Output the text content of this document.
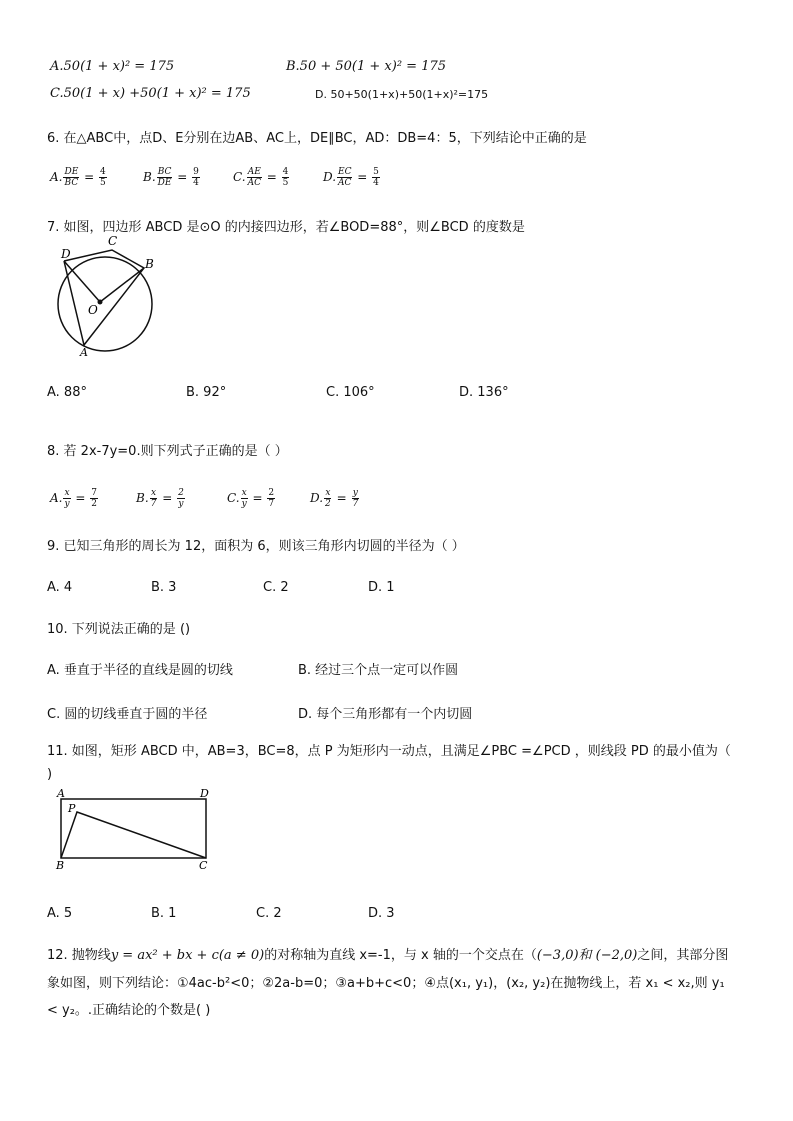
A.50(1 + x)² = 175	B.50 + 50(1 + x)² = 175
C.50(1 + x) +50(1 + x)² = 175	D. 50+50(1+x)+50(1+x)²=175
6. 在△ABC中，点D、E分别在边AB、AC上，DE∥BC，AD：DB=4：5，下列结论中正确的是
A. $\frac{DE}{BC} = \frac{4}{5}$	B. $\frac{BC}{DE} = \frac{9}{4}$	C. $\frac{AE}{AC} = \frac{4}{5}$	D. $\frac{EC}{AC} = \frac{5}{4}$
7. 如图，四边形 ABCD 是⊙O 的内接四边形，若∠BOD=88°，则∠BCD 的度数是
D
C
B
O
A
A. 88°	B. 92°	C. 106°	D. 136°
8. 若 2x-7y=0.则下列式子正确的是（ ）
A. $\frac{x}{y} = \frac{7}{2}$	B. $\frac{x}{7} = \frac{2}{y}$	C. $\frac{x}{y} = \frac{2}{7}$	D. $\frac{x}{2} = \frac{y}{7}$
9. 已知三角形的周长为 12，面积为 6，则该三角形内切圆的半径为（ ）
A. 4	B. 3	C. 2	D. 1
10. 下列说法正确的是 ()
A. 垂直于半径的直线是圆的切线	B. 经过三个点一定可以作圆
C. 圆的切线垂直于圆的半径	D. 每个三角形都有一个内切圆
11. 如图，矩形 ABCD 中，AB=3，BC=8，点 P 为矩形内一动点，且满足∠PBC =∠PCD ，则线段 PD 的最小值为（
)
A	D
P
B	C
A. 5	B. 1	C. 2	D. 3
12. 抛物线y = ax² + bx + c(a ≠ 0)的对称轴为直线 x=-1，与 x 轴的一个交点在（(−3,0)和 (−2,0)之间，其部分图
象如图，则下列结论：①4ac-b²<0；②2a-b=0；③a+b+c<0；④点(x₁, y₁)，(x₂, y₂)在抛物线上，若 x₁ < x₂,则 y₁
< y₂。.正确结论的个数是( )
